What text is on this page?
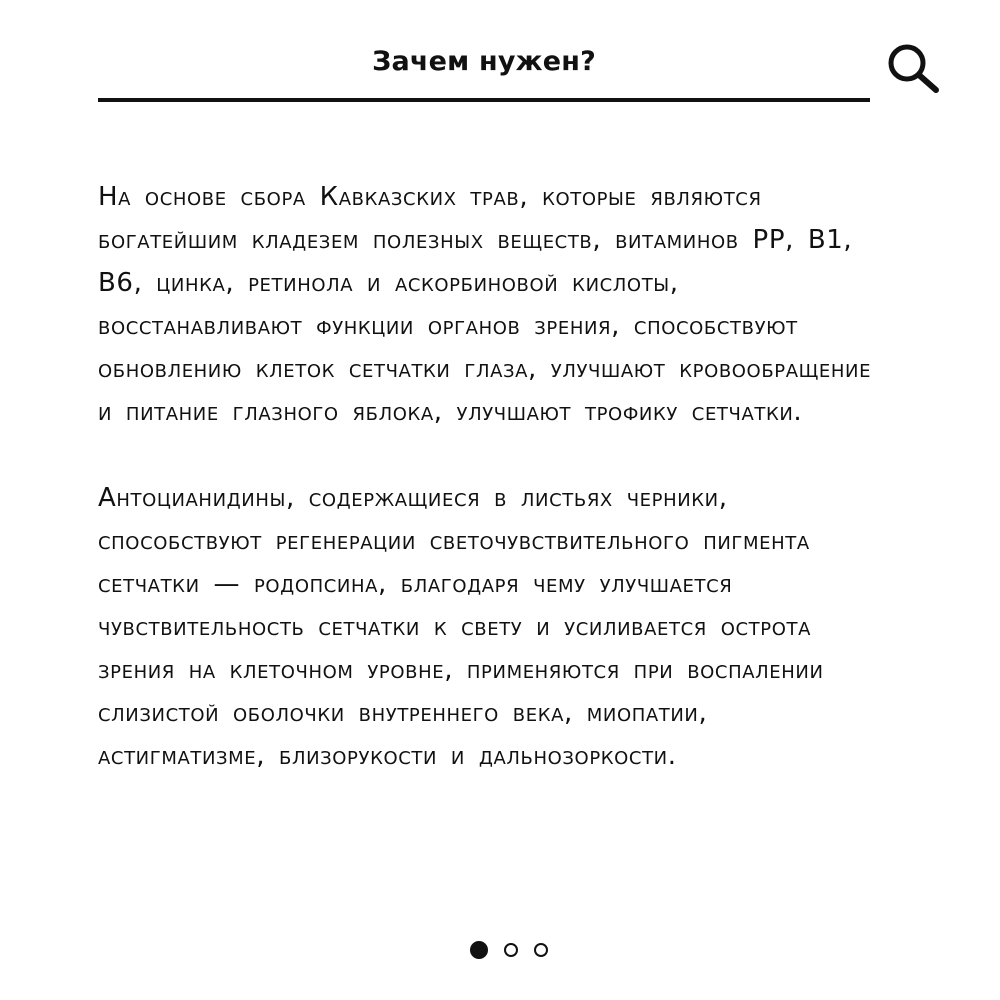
Зачем нужен?

На основе сбора Кавказских трав, которые являются богатейшим кладезем полезных веществ, витаминов PP, B1, B6, цинка, ретинола и аскорбиновой кислоты, восстанавливают функции органов зрения, способствуют обновлению клеток сетчатки глаза, улучшают кровообращение и питание глазного яблока, улучшают трофику сетчатки.

Антоцианидины, содержащиеся в листьях черники, способствуют регенерации светочувствительного пигмента сетчатки — родопсина, благодаря чему улучшается чувствительность сетчатки к свету и усиливается острота зрения на клеточном уровне, применяются при воспалении слизистой оболочки внутреннего века, миопатии, астигматизме, близорукости и дальнозоркости.
